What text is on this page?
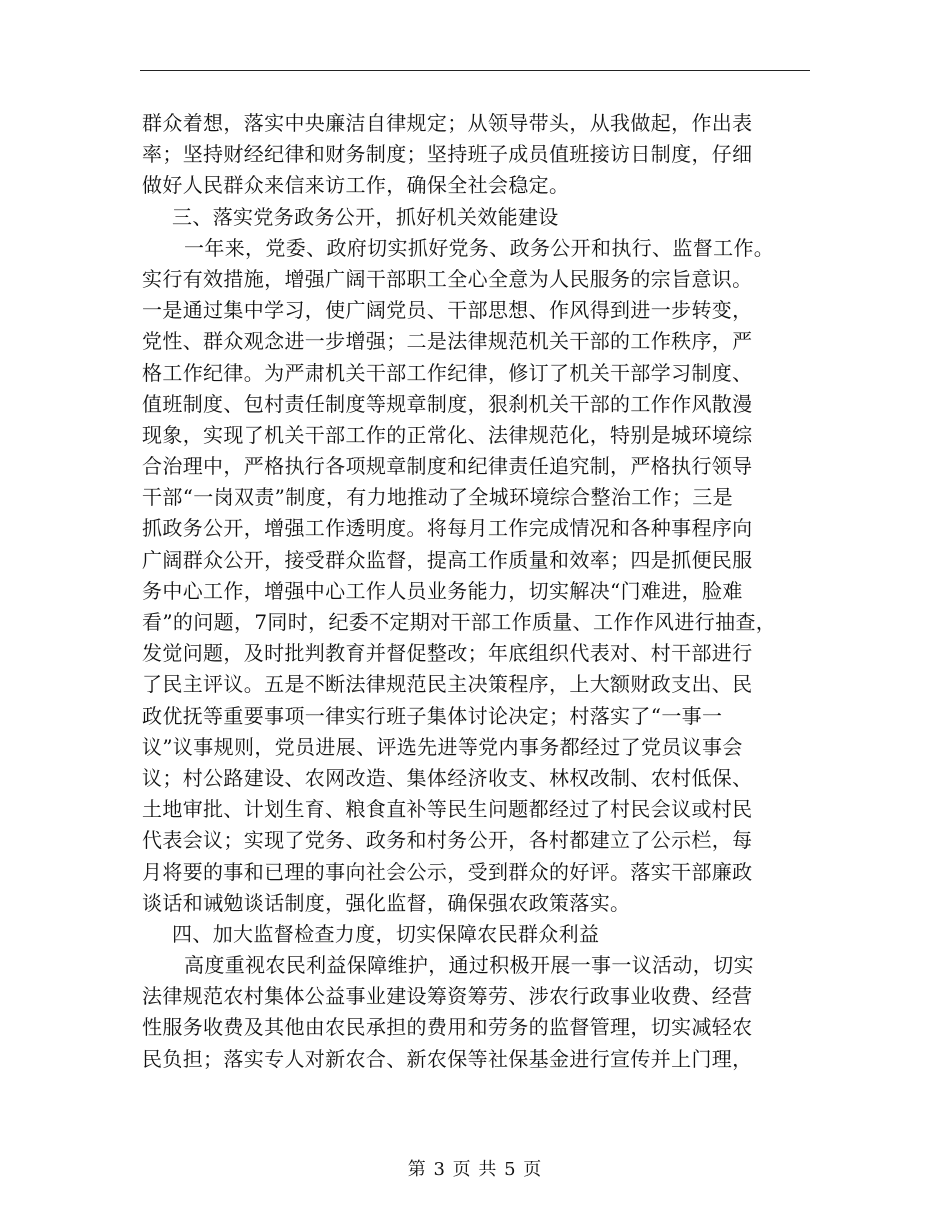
群众着想，落实中央廉洁自律规定；从领导带头，从我做起，作出表
率；坚持财经纪律和财务制度；坚持班子成员值班接访日制度，仔细
做好人民群众来信来访工作，确保全社会稳定。
三、落实党务政务公开，抓好机关效能建设
一年来，党委、政府切实抓好党务、政务公开和执行、监督工作。
实行有效措施，增强广阔干部职工全心全意为人民服务的宗旨意识。
一是通过集中学习，使广阔党员、干部思想、作风得到进一步转变，
党性、群众观念进一步增强；二是法律规范机关干部的工作秩序，严
格工作纪律。为严肃机关干部工作纪律，修订了机关干部学习制度、
值班制度、包村责任制度等规章制度，狠刹机关干部的工作作风散漫
现象，实现了机关干部工作的正常化、法律规范化，特别是城环境综
合治理中，严格执行各项规章制度和纪律责任追究制，严格执行领导
干部“一岗双责”制度，有力地推动了全城环境综合整治工作；三是
抓政务公开，增强工作透明度。将每月工作完成情况和各种事程序向
广阔群众公开，接受群众监督，提高工作质量和效率；四是抓便民服
务中心工作，增强中心工作人员业务能力，切实解决“门难进，脸难
看”的问题，7同时，纪委不定期对干部工作质量、工作作风进行抽查，
发觉问题，及时批判教育并督促整改；年底组织代表对、村干部进行
了民主评议。五是不断法律规范民主决策程序，上大额财政支出、民
政优抚等重要事项一律实行班子集体讨论决定；村落实了“一事一
议”议事规则，党员进展、评选先进等党内事务都经过了党员议事会
议；村公路建设、农网改造、集体经济收支、林权改制、农村低保、
土地审批、计划生育、粮食直补等民生问题都经过了村民会议或村民
代表会议；实现了党务、政务和村务公开，各村都建立了公示栏，每
月将要的事和已理的事向社会公示，受到群众的好评。落实干部廉政
谈话和诫勉谈话制度，强化监督，确保强农政策落实。
四、加大监督检查力度，切实保障农民群众利益
高度重视农民利益保障维护，通过积极开展一事一议活动，切实
法律规范农村集体公益事业建设筹资筹劳、涉农行政事业收费、经营
性服务收费及其他由农民承担的费用和劳务的监督管理，切实减轻农
民负担；落实专人对新农合、新农保等社保基金进行宣传并上门理，
第 3 页 共 5 页
